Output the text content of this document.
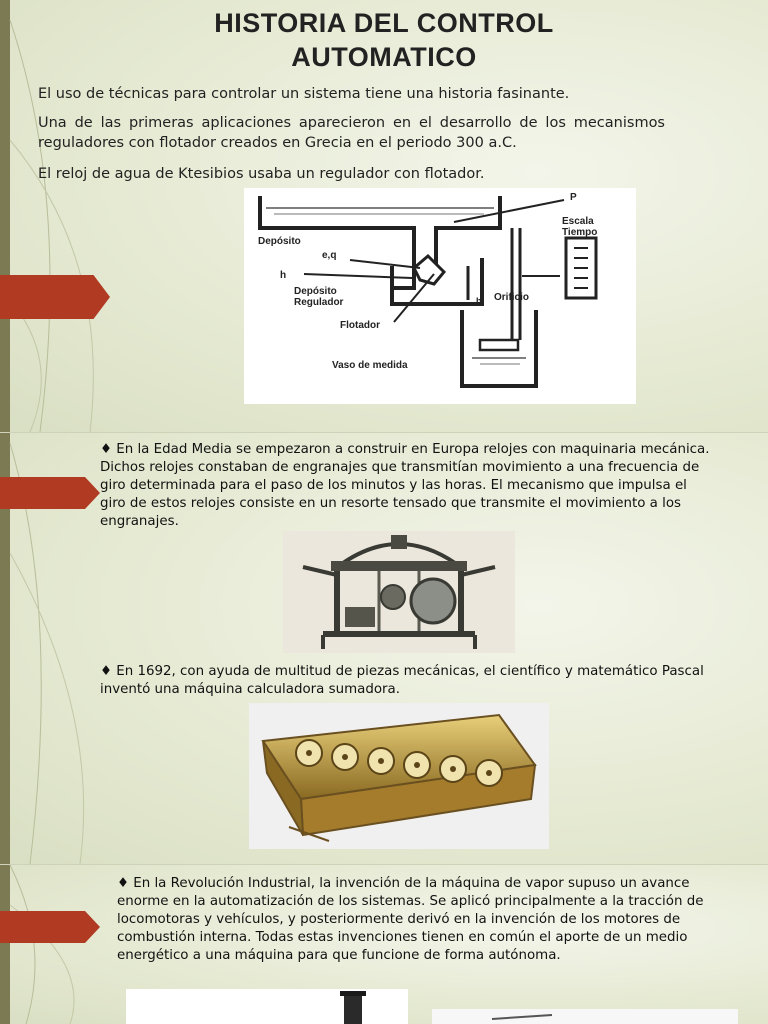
HISTORIA DEL CONTROL
AUTOMATICO
El uso de técnicas para controlar un sistema tiene una historia fasinante.
Una de las primeras aplicaciones aparecieron en el desarrollo de los mecanismos reguladores con flotador creados en Grecia en el periodo 300 a.C.
El reloj de agua de Ktesibios usaba un regulador con flotador.
P
Escala
Tiempo
Depósito
e,q
h
Depósito
Regulador	Orificio
b
Flotador
Vaso de medida
♦ En la Edad Media se empezaron a construir en Europa relojes con maquinaria mecánica. Dichos relojes constaban de engranajes que transmitían movimiento a una frecuencia de giro determinada para el paso de los minutos y las horas. El mecanismo que impulsa el giro de estos relojes consiste en un resorte tensado que transmite el movimiento a los engranajes.
♦ En 1692, con ayuda de multitud de piezas mecánicas, el científico y matemático Pascal inventó una máquina calculadora sumadora.
♦ En la Revolución Industrial, la invención de la máquina de vapor supuso un avance enorme en la automatización de los sistemas. Se aplicó principalmente a la tracción de locomotoras y vehículos, y posteriormente derivó en la invención de los motores de combustión interna. Todas estas invenciones tienen en común el aporte de un medio energético a una máquina para que funcione de forma autónoma.
